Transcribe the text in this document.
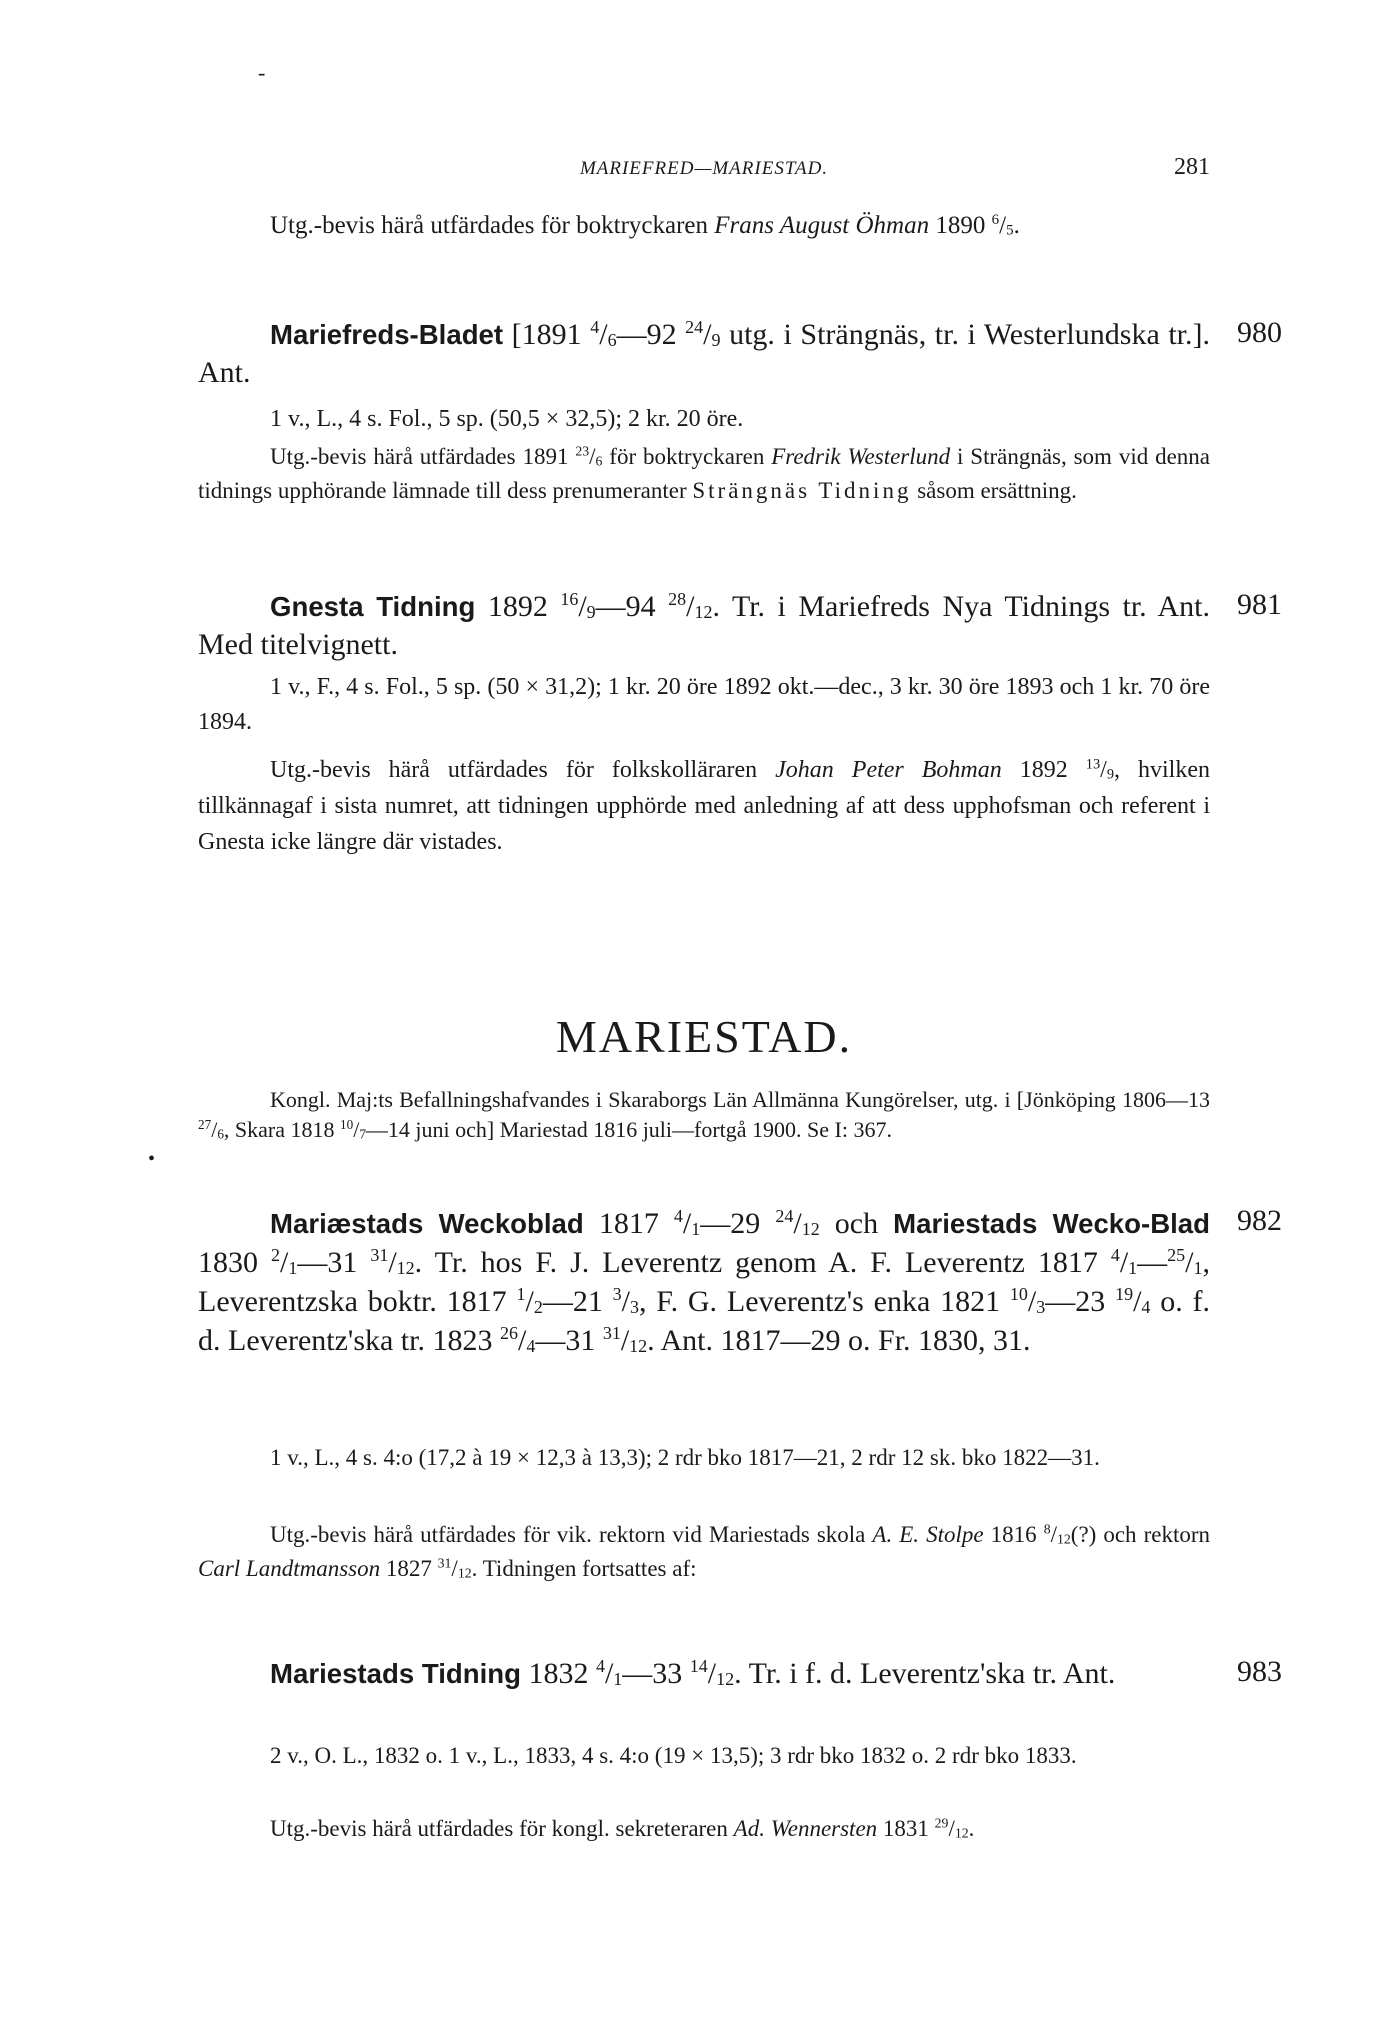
-
MARIEFRED—MARIESTAD.	281

Utg.-bevis härå utfärdades för boktryckaren Frans August Öhman 1890 $^6/_5$.

980

Mariefreds-Bladet [1891 $^4/_6—92$ $^{24}/_9$ utg. i Strängnäs, tr. i Westerlundska tr.]. Ant.

1 v., L., 4 s. Fol., 5 sp. (50,5 × 32,5); 2 kr. 20 öre.

Utg.-bevis härå utfärdades 1891 $^{23}/_6$ för boktryckaren Fredrik Westerlund i Strängnäs, som vid denna tidnings upphörande lämnade till dess prenumeranter Strängnäs Tidning såsom ersättning.

981

Gnesta Tidning 1892 $^{16}/_9—94$ $^{28}/_{12}$. Tr. i Mariefreds Nya Tidnings tr. Ant. Med titelvignett.

1 v., F., 4 s. Fol., 5 sp. (50 × 31,2); 1 kr. 20 öre 1892 okt.—dec., 3 kr. 30 öre 1893 och 1 kr. 70 öre 1894.

Utg.-bevis härå utfärdades för folkskolläraren Johan Peter Bohman 1892 $^{13}/_9$, hvilken tillkännagaf i sista numret, att tidningen upphörde med anledning af att dess upphofsman och referent i Gnesta icke längre där vistades.

MARIESTAD.
•

Kongl. Maj:ts Befallningshafvandes i Skaraborgs Län Allmänna Kungörelser, utg. i [Jönköping 1806—13 $^{27}/_6$, Skara 1818 $^{10}/_7—14$ juni och] Mariestad 1816 juli—fortgå 1900. Se I: 367.

982

Mariæstads Weckoblad 1817 $^4/_1—29$ $^{24}/_{12}$ och Mariestads Wecko-Blad 1830 $^2/_1—31$ $^{31}/_{12}$. Tr. hos F. J. Leverentz genom A. F. Leverentz 1817 $^4/_1—^{25}/_1$, Leverentzska boktr. 1817 $^1/_2—21$ $^3/_3$, F. G. Leverentz's enka 1821 $^{10}/_3—23$ $^{19}/_4$ o. f. d. Leverentz'ska tr. 1823 $^{26}/_4—31$ $^{31}/_{12}$. Ant. 1817—29 o. Fr. 1830, 31.

1 v., L., 4 s. 4:o (17,2 à 19 × 12,3 à 13,3); 2 rdr bko 1817—21, 2 rdr 12 sk. bko 1822—31.

Utg.-bevis härå utfärdades för vik. rektorn vid Mariestads skola A. E. Stolpe 1816 $^8/_{12}(?)$ och rektorn Carl Landtmansson 1827 $^{31}/_{12}$. Tidningen fortsattes af:

983

Mariestads Tidning 1832 $^4/_1—33$ $^{14}/_{12}$. Tr. i f. d. Leverentz'ska tr. Ant.

2 v., O. L., 1832 o. 1 v., L., 1833, 4 s. 4:o (19 × 13,5); 3 rdr bko 1832 o. 2 rdr bko 1833.

Utg.-bevis härå utfärdades för kongl. sekreteraren Ad. Wennersten 1831 $^{29}/_{12}$.
